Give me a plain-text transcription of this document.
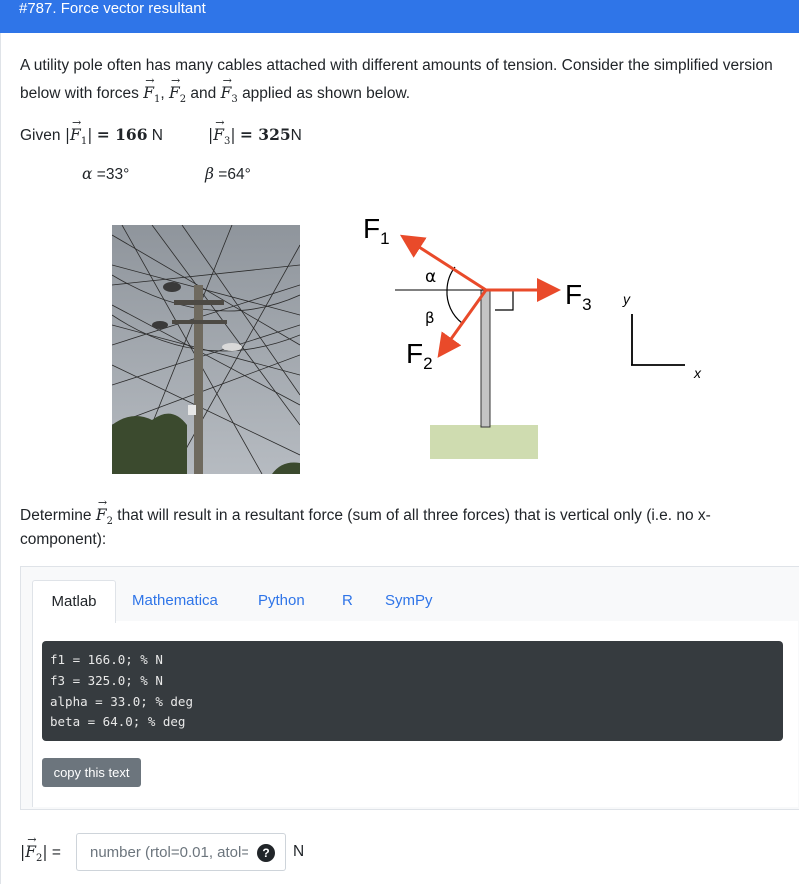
#787. Force vector resultant
A utility pole often has many cables attached with different amounts of tension. Consider the simplified version
below with forces → $F_1$, → $F_2$ and → $F_3$ applied as shown below.
Given |→ $F_1| = 166$ N	|→ $F_3| = 325N$
α =33°	β =64°
$F_1$
$F_2$
$F_3$
α
β
y
x
Determine → $F_2$ that will result in a resultant force (sum of all three forces) that is vertical only (i.e. no x-
component):
Matlab	Mathematica	Python R SymPy
f1 = 166.0; % N
f3 = 325.0; % N
alpha = 33.0; % deg
beta = 64.0; % deg
copy this text
|→ $F_2|$ =
number (rtol=0.01, atol=1e-08)	?	N
